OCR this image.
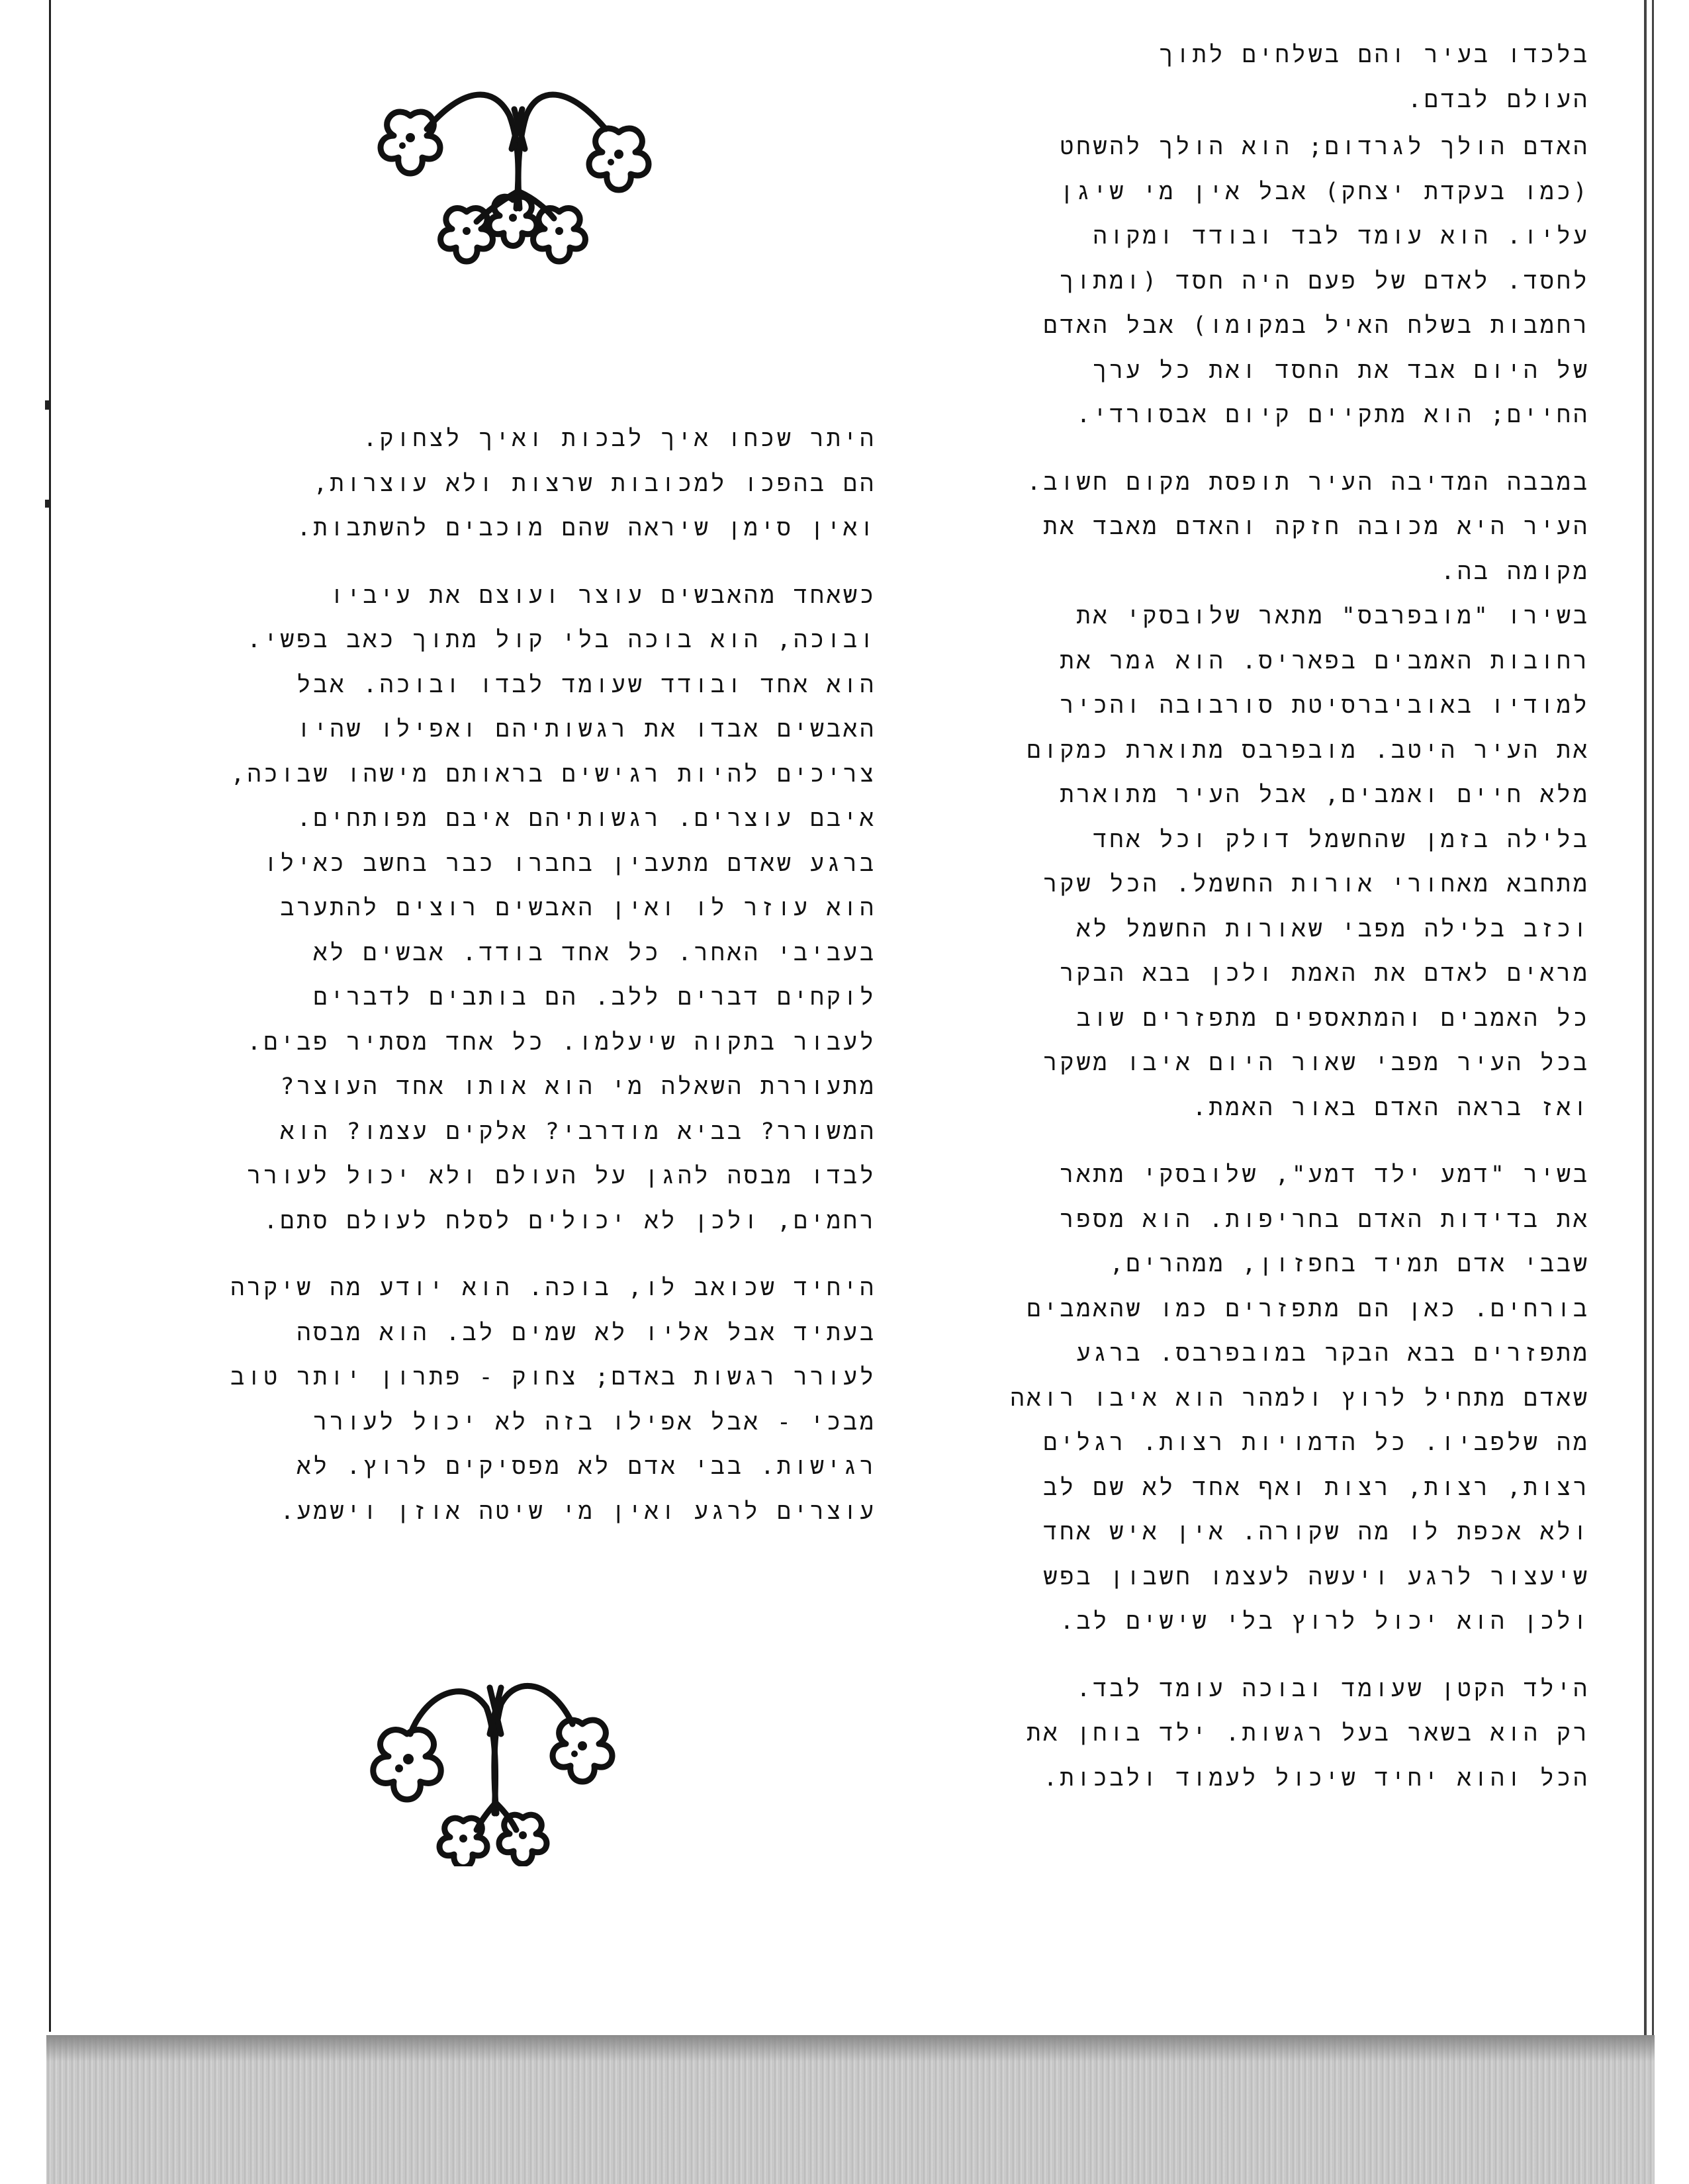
בלכדו בעיר והם בשלחים לתוך
העולם לבדם.

האדם הולך לגרדום; הוא הולך להשחט
(כמו בעקדת יצחק) אבל אין מי שיגן
עליו. הוא עומד לבד ובודד ומקוה
לחסד. לאדם של פעם היה חסד (ומתוך
רחמבות בשלח האיל במקומו) אבל האדם
של היום אבד את החסד ואת כל ערך
החיים; הוא מתקיים קיום אבסורדי.

במבבה המדיבה העיר תופסת מקום חשוב.
העיר היא מכובה חזקה והאדם מאבד את
מקומה בה.
בשירו "מובפרבס" מתאר שלובסקי את
רחובות האמבים בפאריס. הוא גמר את
למודיו באוביברסיטת סורבובה והכיר
את העיר היטב. מובפרבס מתוארת כמקום
מלא חיים ואמבים, אבל העיר מתוארת
בלילה בזמן שהחשמל דולק וכל אחד
מתחבא מאחורי אורות החשמל. הכל שקר
וכזב בלילה מפבי שאורות החשמל לא
מראים לאדם את האמת ולכן בבא הבקר
כל האמבים והמתאספים מתפזרים שוב
בכל העיר מפבי שאור היום איבו משקר
ואז בראה האדם באור האמת.

בשיר "דמע ילד דמע", שלובסקי מתאר
את בדידות האדם בחריפות. הוא מספר
שבבי אדם תמיד בחפזון, ממהרים,
בורחים. כאן הם מתפזרים כמו שהאמבים
מתפזרים בבא הבקר במובפרבס. ברגע
שאדם מתחיל לרוץ ולמהר הוא איבו רואה
מה שלפביו. כל הדמויות רצות. רגלים
רצות, רצות, רצות ואף אחד לא שם לב
ולא אכפת לו מה שקורה. אין איש אחד
שיעצור לרגע ויעשה לעצמו חשבון בפש
ולכן הוא יכול לרוץ בלי שישים לב.

הילד הקטן שעומד ובוכה עומד לבד.
רק הוא בשאר בעל רגשות. ילד בוחן את
הכל והוא יחיד שיכול לעמוד ולבכות.

היתר שכחו איך לבכות ואיך לצחוק.
הם בהפכו למכובות שרצות ולא עוצרות,
ואין סימן שיראה שהם מוכבים להשתבות.

כשאחד מהאבשים עוצר ועוצם את עיביו
ובוכה, הוא בוכה בלי קול מתוך כאב בפשי.
הוא אחד ובודד שעומד לבדו ובוכה. אבל
האבשים אבדו את רגשותיהם ואפילו שהיו
צריכים להיות רגישים בראותם מישהו שבוכה,
איבם עוצרים. רגשותיהם איבם מפותחים.
ברגע שאדם מתעבין בחברו כבר בחשב כאילו
הוא עוזר לו ואין האבשים רוצים להתערב
בעביבי האחר. כל אחד בודד. אבשים לא
לוקחים דברים ללב. הם בותבים לדברים
לעבור בתקוה שיעלמו. כל אחד מסתיר פבים.
מתעוררת השאלה מי הוא אותו אחד העוצר?
המשורר? בביא מודרבי? אלקים עצמו? הוא
לבדו מבסה להגן על העולם ולא יכול לעורר
רחמים, ולכן לא יכולים לסלח לעולם סתם.

היחיד שכואב לו, בוכה. הוא יודע מה שיקרה
בעתיד אבל אליו לא שמים לב. הוא מבסה
לעורר רגשות באדם; צחוק - פתרון יותר טוב
מבכי - אבל אפילו בזה לא יכול לעורר
רגישות. בבי אדם לא מפסיקים לרוץ. לא
עוצרים לרגע ואין מי שיטה אוזן וישמע.
